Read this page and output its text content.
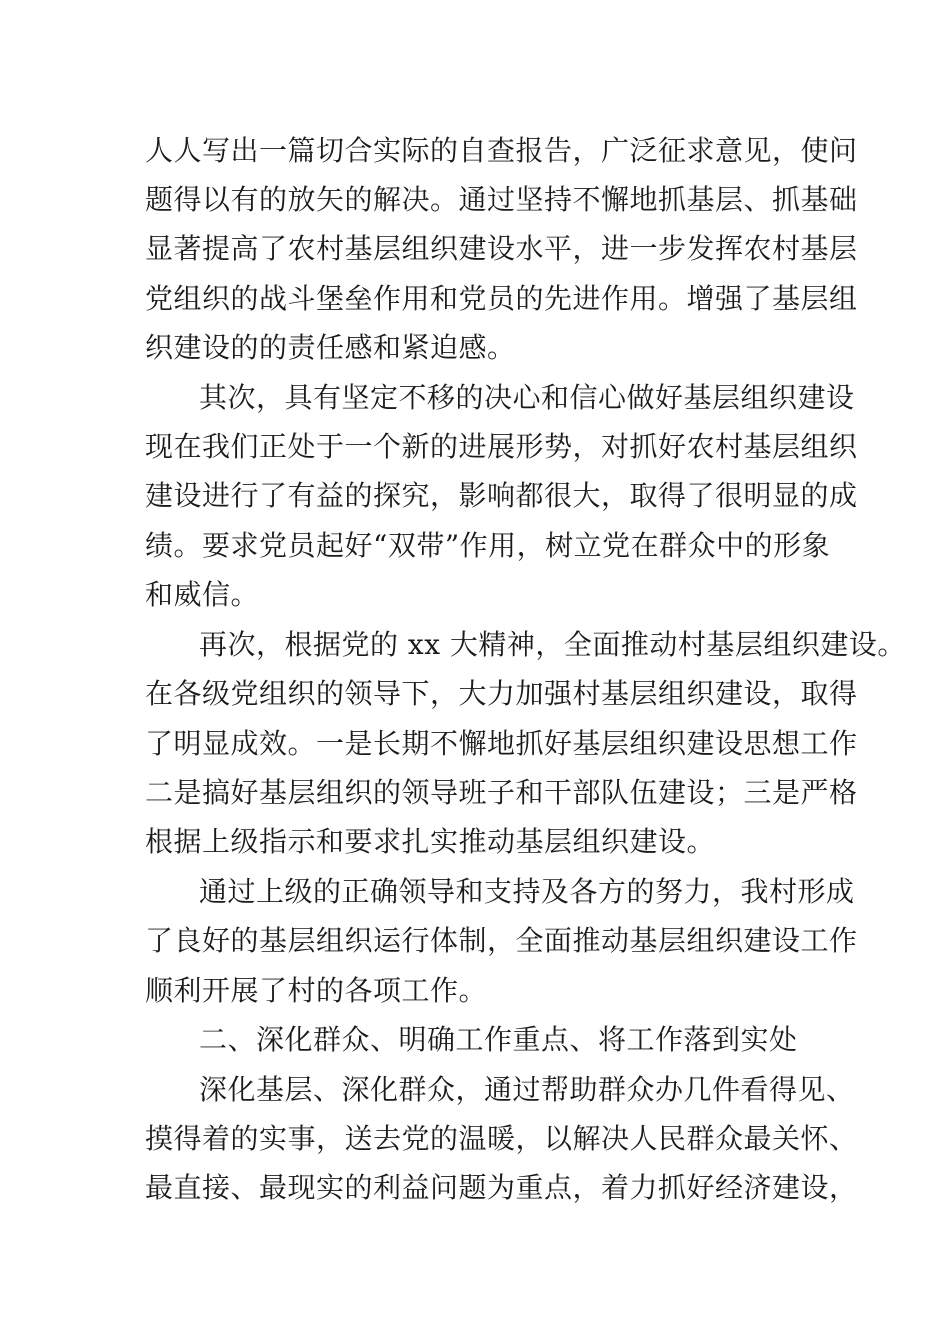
人人写出一篇切合实际的自查报告，广泛征求意见，使问

题得以有的放矢的解决。通过坚持不懈地抓基层、抓基础

显著提高了农村基层组织建设水平，进一步发挥农村基层

党组织的战斗堡垒作用和党员的先进作用。增强了基层组

织建设的的责任感和紧迫感。

其次，具有坚定不移的决心和信心做好基层组织建设

现在我们正处于一个新的进展形势，对抓好农村基层组织

建设进行了有益的探究，影响都很大，取得了很明显的成

绩。要求党员起好“双带”作用，树立党在群众中的形象

和威信。

再次，根据党的 xx 大精神，全面推动村基层组织建设。

在各级党组织的领导下，大力加强村基层组织建设，取得

了明显成效。一是长期不懈地抓好基层组织建设思想工作

二是搞好基层组织的领导班子和干部队伍建设；三是严格

根据上级指示和要求扎实推动基层组织建设。

通过上级的正确领导和支持及各方的努力，我村形成

了良好的基层组织运行体制，全面推动基层组织建设工作

顺利开展了村的各项工作。

二、深化群众、明确工作重点、将工作落到实处

深化基层、深化群众，通过帮助群众办几件看得见、

摸得着的实事，送去党的温暖，以解决人民群众最关怀、

最直接、最现实的利益问题为重点，着力抓好经济建设，
